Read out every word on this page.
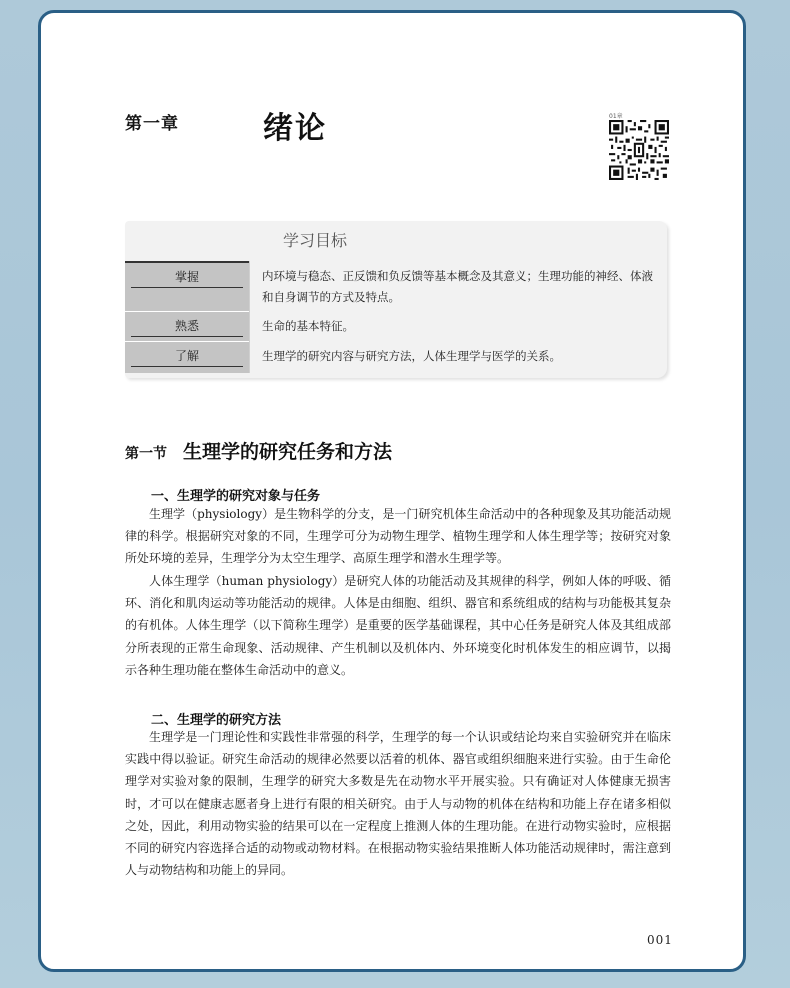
第一章	绪论	01章
学习目标
掌握	内环境与稳态、正反馈和负反馈等基本概念及其意义；生理功能的神经、体液和自身调节的方式及特点。
熟悉	生命的基本特征。
了解	生理学的研究内容与研究方法，人体生理学与医学的关系。
第一节 生理学的研究任务和方法
一、生理学的研究对象与任务
生理学（physiology）是生物科学的分支，是一门研究机体生命活动中的各种现象及其功能活动规律的科学。根据研究对象的不同，生理学可分为动物生理学、植物生理学和人体生理学等；按研究对象所处环境的差异，生理学分为太空生理学、高原生理学和潜水生理学等。
人体生理学（human physiology）是研究人体的功能活动及其规律的科学，例如人体的呼吸、循环、消化和肌肉运动等功能活动的规律。人体是由细胞、组织、器官和系统组成的结构与功能极其复杂的有机体。人体生理学（以下简称生理学）是重要的医学基础课程，其中心任务是研究人体及其组成部分所表现的正常生命现象、活动规律、产生机制以及机体内、外环境变化时机体发生的相应调节，以揭示各种生理功能在整体生命活动中的意义。
二、生理学的研究方法
生理学是一门理论性和实践性非常强的科学，生理学的每一个认识或结论均来自实验研究并在临床实践中得以验证。研究生命活动的规律必然要以活着的机体、器官或组织细胞来进行实验。由于生命伦理学对实验对象的限制，生理学的研究大多数是先在动物水平开展实验。只有确证对人体健康无损害时，才可以在健康志愿者身上进行有限的相关研究。由于人与动物的机体在结构和功能上存在诸多相似之处，因此，利用动物实验的结果可以在一定程度上推测人体的生理功能。在进行动物实验时，应根据不同的研究内容选择合适的动物或动物材料。在根据动物实验结果推断人体功能活动规律时，需注意到人与动物结构和功能上的异同。
001
